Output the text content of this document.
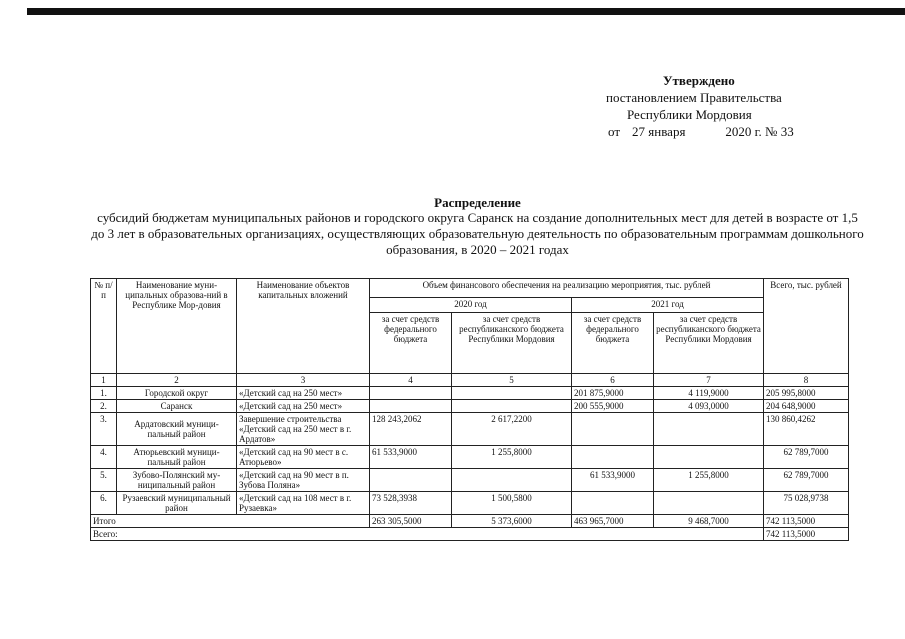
Утверждено
постановлением Правительства
Республики Мордовия
от 27 января	2020 г. № 33
Распределение
субсидий бюджетам муниципальных районов и городского округа Саранск на создание дополнительных мест для детей в возрасте от 1,5 до 3 лет в образовательных организациях, осуществляющих образовательную деятельность по образовательным программам дошкольного образования, в 2020 – 2021 годах
№ п/п	Наименование муни-ципальных образова-ний в Республике Мор-довия	Наименование объектов капитальных вложений	Объем финансового обеспечения на реализацию мероприятия, тыс. рублей				Всего, тыс. рублей
			2020 год		2021 год		
			за счет средств федерального бюджета	за счет средств республиканского бюджета Республики Мордовия	за счет средств федерального бюджета	за счет средств республиканского бюджета Республики Мордовия	
1	2	3	4	5	6	7	8
1.	Городской округ	«Детский сад на 250 мест»			201 875,9000	4 119,9000	205 995,8000
2.	Саранск	«Детский сад на 250 мест»			200 555,9000	4 093,0000	204 648,9000
3.	Ардатовский муници-пальный район	Завершение строительства «Детский сад на 250 мест в г. Ардатов»	128 243,2062	2 617,2200			130 860,4262
4.	Атюрьевский муници-пальный район	«Детский сад на 90 мест в с. Атюрьево»	61 533,9000	1 255,8000			62 789,7000
5.	Зубово-Полянский му-ниципальный район	«Детский сад на 90 мест в п. Зубова Поляна»			61 533,9000	1 255,8000	62 789,7000
6.	Рузаевский муниципальный район	«Детский сад на 108 мест в г. Рузаевка»	73 528,3938	1 500,5800			75 028,9738
Итого			263 305,5000	5 373,6000	463 965,7000	9 468,7000	742 113,5000
Всего:							742 113,5000
